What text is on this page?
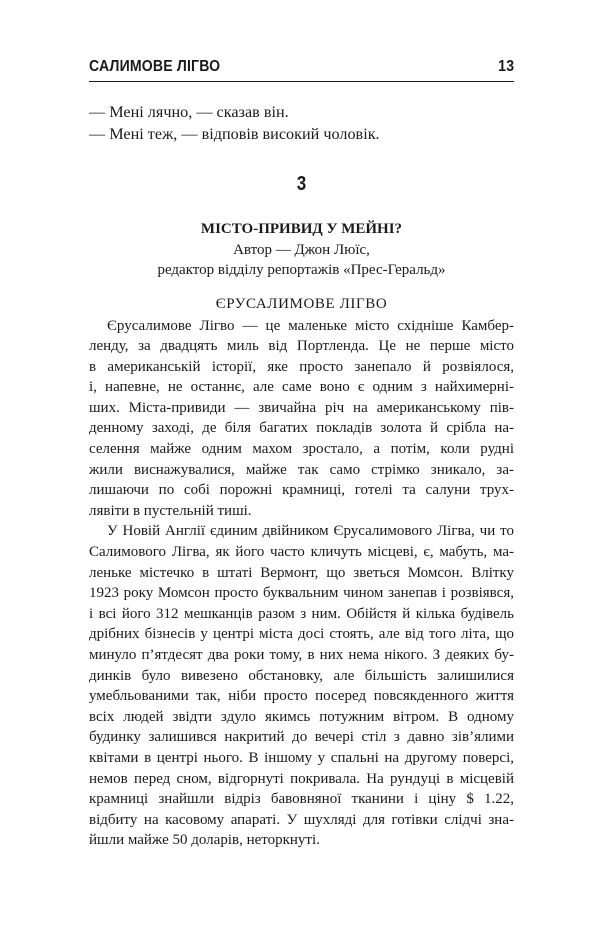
САЛИМОВЕ ЛІГВО	13

— Мені лячно, — сказав він.

— Мені теж, — відповів високий чоловік.

3
МІСТО-ПРИВИД У МЕЙНІ?
Автор — Джон Люїс,
редактор відділу репортажів «Прес-Геральд»
ЄРУСАЛИМОВЕ ЛІГВО
Єрусалимове Лігво — це маленьке місто східніше Камбер-
ленду, за двадцять миль від Портленда. Це не перше місто
в американській історії, яке просто занепало й розвіялося,
і, напевне, не останнє, але саме воно є одним з найхимерні-
ших. Міста-привиди — звичайна річ на американському пів-
денному заході, де біля багатих покладів золота й срібла на-
селення майже одним махом зростало, а потім, коли рудні
жили виснажувалися, майже так само стрімко зникало, за-
лишаючи по собі порожні крамниці, готелі та салуни трух-
лявіти в пустельній тиші.
У Новій Англії єдиним двійником Єрусалимового Лігва, чи то
Салимового Лігва, як його часто кличуть місцеві, є, мабуть, ма-
леньке містечко в штаті Вермонт, що зветься Момсон. Влітку
1923 року Момсон просто буквальним чином занепав і розвіявся,
і всі його 312 мешканців разом з ним. Обійстя й кілька будівель
дрібних бізнесів у центрі міста досі стоять, але від того літа, що
минуло п’ятдесят два роки тому, в них нема нікого. З деяких бу-
динків було вивезено обстановку, але більшість залишилися
умебльованими так, ніби просто посеред повсякденного життя
всіх людей звідти здуло якимсь потужним вітром. В одному
будинку залишився накритий до вечері стіл з давно зів’ялими
квітами в центрі нього. В іншому у спальні на другому поверсі,
немов перед сном, відгорнуті покривала. На рундуці в місцевій
крамниці знайшли відріз бавовняної тканини і ціну $ 1.22,
відбиту на касовому апараті. У шухляді для готівки слідчі зна-
йшли майже 50 доларів, неторкнуті.
